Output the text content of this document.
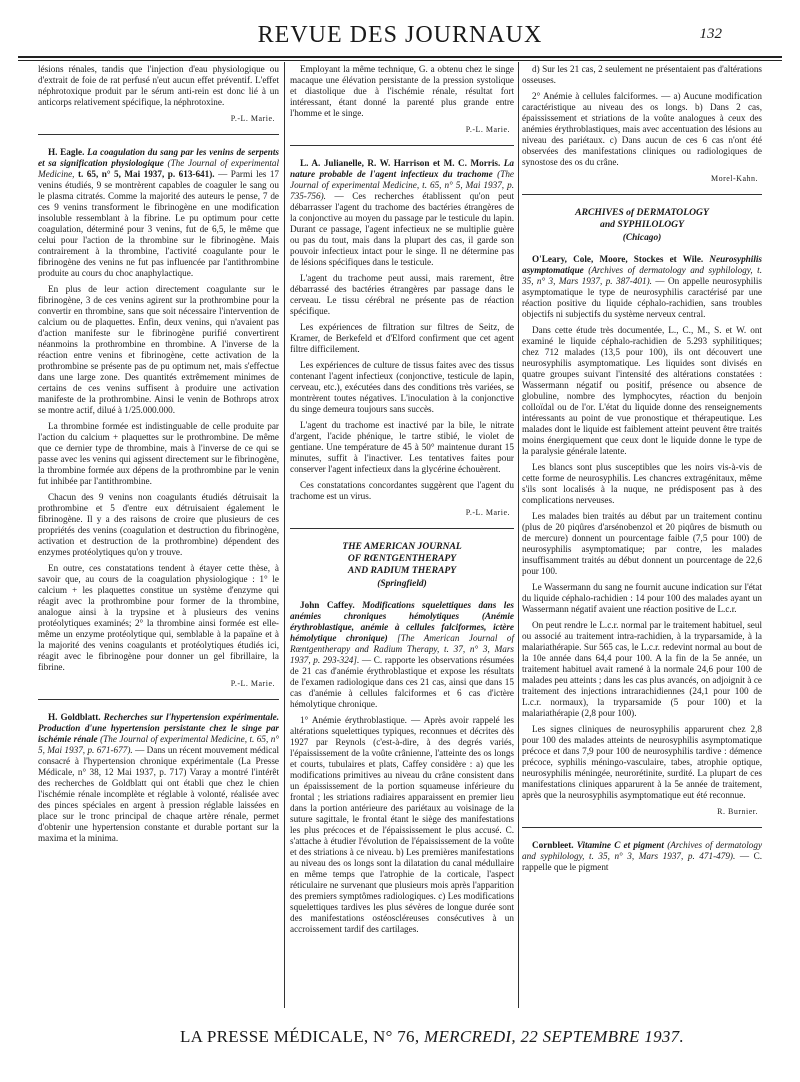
REVUE DES JOURNAUX	132

lésions rénales, tandis que l'injection d'eau physiologique ou d'extrait de foie de rat perfusé n'eut aucun effet préventif. L'effet néphrotoxique produit par le sérum anti-rein est donc lié à un anticorps relativement spécifique, la néphrotoxine.

P.-L. Marie.

H. Eagle. La coagulation du sang par les venins de serpents et sa signification physiologique (The Journal of experimental Medicine, t. 65, n° 5, Mai 1937, p. 613-641). — Parmi les 17 venins étudiés, 9 se montrèrent capables de coaguler le sang ou le plasma citratés. Comme la majorité des auteurs le pense, 7 de ces 9 venins transforment le fibrinogène en une modification insoluble ressemblant à la fibrine. Le pu optimum pour cette coagulation, déterminé pour 3 venins, fut de 6,5, le même que celui pour l'action de la thrombine sur le fibrinogène. Mais contrairement à la thrombine, l'activité coagulante pour le fibrinogène des venins ne fut pas influencée par l'antithrombine produite au cours du choc anaphylactique.

En plus de leur action directement coagulante sur le fibrinogène, 3 de ces venins agirent sur la prothrombine pour la convertir en thrombine, sans que soit nécessaire l'intervention de calcium ou de plaquettes. Enfin, deux venins, qui n'avaient pas d'action manifeste sur le fibrinogène purifié convertirent néanmoins la prothrombine en thrombine. A l'inverse de la réaction entre venins et fibrinogène, cette activation de la prothrombine se présente pas de pu optimum net, mais s'effectue dans une large zone. Des quantités extrêmement minimes de certains de ces venins suffisent à produire une activation manifeste de la prothrombine. Ainsi le venin de Bothrops atrox se montre actif, dilué à 1/25.000.000.

La thrombine formée est indistinguable de celle produite par l'action du calcium + plaquettes sur le prothrombine. De même que ce dernier type de thrombine, mais à l'inverse de ce qui se passe avec les venins qui agissent directement sur le fibrinogène, la thrombine formée aux dépens de la prothrombine par le venin fut inhibée par l'antithrombine.

Chacun des 9 venins non coagulants étudiés détruisait la prothrombine et 5 d'entre eux détruisaient également le fibrinogène. Il y a des raisons de croire que plusieurs de ces propriétés des venins (coagulation et destruction du fibrinogène, activation et destruction de la prothrombine) dépendent des enzymes protéolytiques qu'on y trouve.

En outre, ces constatations tendent à étayer cette thèse, à savoir que, au cours de la coagulation physiologique : 1° le calcium + les plaquettes constitue un système d'enzyme qui réagit avec la prothrombine pour former de la thrombine, analogue ainsi à la trypsine et à plusieurs des venins protéolytiques examinés; 2° la thrombine ainsi formée est elle-même un enzyme protéolytique qui, semblable à la papaïne et à la majorité des venins coagulants et protéolytiques étudiés ici, réagit avec le fibrinogène pour donner un gel fibrillaire, la fibrine.

P.-L. Marie.

H. Goldblatt. Recherches sur l'hypertension expérimentale. Production d'une hypertension persistante chez le singe par ischémie rénale (The Journal of experimental Medicine, t. 65, n° 5, Mai 1937, p. 671-677). — Dans un récent mouvement médical consacré à l'hypertension chronique expérimentale (La Presse Médicale, n° 38, 12 Mai 1937, p. 717) Varay a montré l'intérêt des recherches de Goldblatt qui ont établi que chez le chien l'ischémie rénale incomplète et réglable à volonté, réalisée avec des pinces spéciales en argent à pression réglable laissées en place sur le tronc principal de chaque artère rénale, permet d'obtenir une hypertension constante et durable portant sur la maxima et la minima.

Employant la même technique, G. a obtenu chez le singe macaque une élévation persistante de la pression systolique et diastolique due à l'ischémie rénale, résultat fort intéressant, étant donné la parenté plus grande entre l'homme et le singe.

P.-L. Marie.

L. A. Julianelle, R. W. Harrison et M. C. Morris. La nature probable de l'agent infectieux du trachome (The Journal of experimental Medicine, t. 65, n° 5, Mai 1937, p. 735-756). — Ces recherches établissent qu'on peut débarrasser l'agent du trachome des bactéries étrangères de la conjonctive au moyen du passage par le testicule du lapin. Durant ce passage, l'agent infectieux ne se multiplie guère ou pas du tout, mais dans la plupart des cas, il garde son pouvoir infectieux intact pour le singe. Il ne détermine pas de lésions spécifiques dans le testicule.

L'agent du trachome peut aussi, mais rarement, être débarrassé des bactéries étrangères par passage dans le cerveau. Le tissu cérébral ne présente pas de réaction spécifique.

Les expériences de filtration sur filtres de Seitz, de Kramer, de Berkefeld et d'Elford confirment que cet agent filtre difficilement.

Les expériences de culture de tissus faites avec des tissus contenant l'agent infectieux (conjonctive, testicule de lapin, cerveau, etc.), exécutées dans des conditions très variées, se montrèrent toutes négatives. L'inoculation à la conjonctive du singe demeura toujours sans succès.

L'agent du trachome est inactivé par la bile, le nitrate d'argent, l'acide phénique, le tartre stibié, le violet de gentiane. Une température de 45 à 50° maintenue durant 15 minutes, suffit à l'inactiver. Les tentatives faites pour conserver l'agent infectieux dans la glycérine échouèrent.

Ces constatations concordantes suggèrent que l'agent du trachome est un virus.

P.-L. Marie.
THE AMERICAN JOURNAL
OF RŒNTGENTHERAPY
AND RADIUM THERAPY
(Springfield)

John Caffey. Modifications squelettiques dans les anémies chroniques hémolytiques (Anémie érythroblastique, anémie à cellules falciformes, ictère hémolytique chronique) [The American Journal of Rœntgentherapy and Radium Therapy, t. 37, n° 3, Mars 1937, p. 293-324]. — C. rapporte les observations résumées de 21 cas d'anémie érythroblastique et expose les résultats de l'examen radiologique dans ces 21 cas, ainsi que dans 15 cas d'anémie à cellules falciformes et 6 cas d'ictère hémolytique chronique.

1° Anémie érythroblastique. — Après avoir rappelé les altérations squelettiques typiques, reconnues et décrites dès 1927 par Reynols (c'est-à-dire, à des degrés variés, l'épaississement de la voûte crânienne, l'atteinte des os longs et courts, tubulaires et plats, Caffey considère : a) que les modifications primitives au niveau du crâne consistent dans un épaississement de la portion squameuse inférieure du frontal ; les striations radiaires apparaissent en premier lieu dans la portion antérieure des pariétaux au voisinage de la suture sagittale, le frontal étant le siège des manifestations les plus précoces et de l'épaississement le plus accusé. C. s'attache à étudier l'évolution de l'épaississement de la voûte et des striations à ce niveau. b) Les premières manifestations au niveau des os longs sont la dilatation du canal médullaire en même temps que l'atrophie de la corticale, l'aspect réticulaire ne survenant que plusieurs mois après l'apparition des premiers symptômes radiologiques. c) Les modifications squelettiques tardives les plus sévères de longue durée sont des manifestations ostéoscléreuses consécutives à un accroissement tardif des cartilages.

d) Sur les 21 cas, 2 seulement ne présentaient pas d'altérations osseuses.

2° Anémie à cellules falciformes. — a) Aucune modification caractéristique au niveau des os longs. b) Dans 2 cas, épaississement et striations de la voûte analogues à ceux des anémies érythroblastiques, mais avec accentuation des lésions au niveau des pariétaux. c) Dans aucun de ces 6 cas n'ont été observées des manifestations cliniques ou radiologiques de synostose des os du crâne.

Morel-Kahn.
ARCHIVES of DERMATOLOGY
and SYPHILOLOGY
(Chicago)

O'Leary, Cole, Moore, Stockes et Wile. Neurosyphilis asymptomatique (Archives of dermatology and syphilology, t. 35, n° 3, Mars 1937, p. 387-401). — On appelle neurosyphilis asymptomatique le type de neurosyphilis caractérisé par une réaction positive du liquide céphalo-rachidien, sans troubles objectifs ni subjectifs du système nerveux central.

Dans cette étude très documentée, L., C., M., S. et W. ont examiné le liquide céphalo-rachidien de 5.293 syphilitiques; chez 712 malades (13,5 pour 100), ils ont découvert une neurosyphilis asymptomatique. Les liquides sont divisés en quatre groupes suivant l'intensité des altérations constatées : Wassermann négatif ou positif, présence ou absence de globuline, nombre des lymphocytes, réaction du benjoin colloïdal ou de l'or. L'état du liquide donne des renseignements intéressants au point de vue pronostique et thérapeutique. Les malades dont le liquide est faiblement atteint peuvent être traités moins énergiquement que ceux dont le liquide donne le type de la paralysie générale latente.

Les blancs sont plus susceptibles que les noirs vis-à-vis de cette forme de neurosyphilis. Les chancres extragénitaux, même s'ils sont localisés à la nuque, ne prédisposent pas à des complications nerveuses.

Les malades bien traités au début par un traitement continu (plus de 20 piqûres d'arsénobenzol et 20 piqûres de bismuth ou de mercure) donnent un pourcentage faible (7,5 pour 100) de neurosyphilis asymptomatique; par contre, les malades insuffisamment traités au début donnent un pourcentage de 22,6 pour 100.

Le Wassermann du sang ne fournit aucune indication sur l'état du liquide céphalo-rachidien : 14 pour 100 des malades ayant un Wassermann négatif avaient une réaction positive de L.c.r.

On peut rendre le L.c.r. normal par le traitement habituel, seul ou associé au traitement intra-rachidien, à la tryparsamide, à la malariathérapie. Sur 565 cas, le L.c.r. redevint normal au bout de la 10e année dans 64,4 pour 100. A la fin de la 5e année, un traitement habituel avait ramené à la normale 24,6 pour 100 de malades peu atteints ; dans les cas plus avancés, on adjoignit à ce traitement des injections intrarachidiennes (24,1 pour 100 de L.c.r. normaux), la tryparsamide (5 pour 100) et la malariathérapie (2,8 pour 100).

Les signes cliniques de neurosyphilis apparurent chez 2,8 pour 100 des malades atteints de neurosyphilis asymptomatique précoce et dans 7,9 pour 100 de neurosyphilis tardive : démence précoce, syphilis méningo-vasculaire, tabes, atrophie optique, neurosyphilis méningée, neurorétinite, surdité. La plupart de ces manifestations cliniques apparurent à la 5e année de traitement, après que la neurosyphilis asymptomatique eut été reconnue.

R. Burnier.

Cornbleet. Vitamine C et pigment (Archives of dermatology and syphilology, t. 35, n° 3, Mars 1937, p. 471-479). — C. rappelle que le pigment

LA PRESSE MÉDICALE, N° 76, MERCREDI, 22 SEPTEMBRE 1937.
